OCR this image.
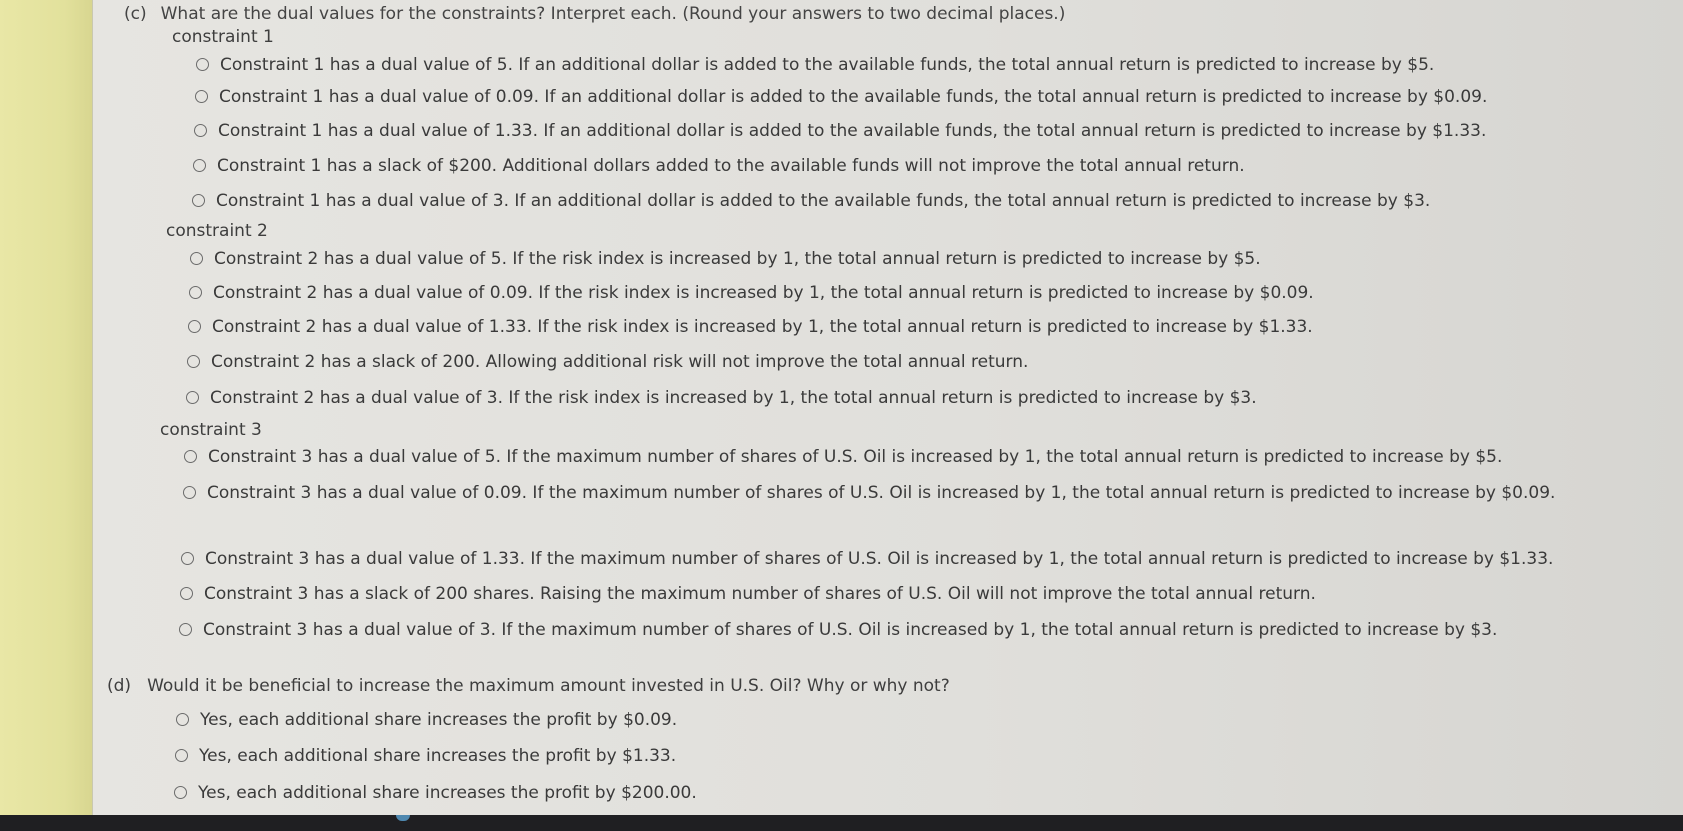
(c) What are the dual values for the constraints? Interpret each. (Round your answers to two decimal places.)
constraint 1
Constraint 1 has a dual value of 5. If an additional dollar is added to the available funds, the total annual return is predicted to increase by $5.
Constraint 1 has a dual value of 0.09. If an additional dollar is added to the available funds, the total annual return is predicted to increase by $0.09.
Constraint 1 has a dual value of 1.33. If an additional dollar is added to the available funds, the total annual return is predicted to increase by $1.33.
Constraint 1 has a slack of $200. Additional dollars added to the available funds will not improve the total annual return.
Constraint 1 has a dual value of 3. If an additional dollar is added to the available funds, the total annual return is predicted to increase by $3.
constraint 2
Constraint 2 has a dual value of 5. If the risk index is increased by 1, the total annual return is predicted to increase by $5.
Constraint 2 has a dual value of 0.09. If the risk index is increased by 1, the total annual return is predicted to increase by $0.09.
Constraint 2 has a dual value of 1.33. If the risk index is increased by 1, the total annual return is predicted to increase by $1.33.
Constraint 2 has a slack of 200. Allowing additional risk will not improve the total annual return.
Constraint 2 has a dual value of 3. If the risk index is increased by 1, the total annual return is predicted to increase by $3.
constraint 3
Constraint 3 has a dual value of 5. If the maximum number of shares of U.S. Oil is increased by 1, the total annual return is predicted to increase by $5.
Constraint 3 has a dual value of 0.09. If the maximum number of shares of U.S. Oil is increased by 1, the total annual return is predicted to increase by $0.09.
Constraint 3 has a dual value of 1.33. If the maximum number of shares of U.S. Oil is increased by 1, the total annual return is predicted to increase by $1.33.
Constraint 3 has a slack of 200 shares. Raising the maximum number of shares of U.S. Oil will not improve the total annual return.
Constraint 3 has a dual value of 3. If the maximum number of shares of U.S. Oil is increased by 1, the total annual return is predicted to increase by $3.
(d) Would it be beneficial to increase the maximum amount invested in U.S. Oil? Why or why not?
Yes, each additional share increases the profit by $0.09.
Yes, each additional share increases the profit by $1.33.
Yes, each additional share increases the profit by $200.00.
